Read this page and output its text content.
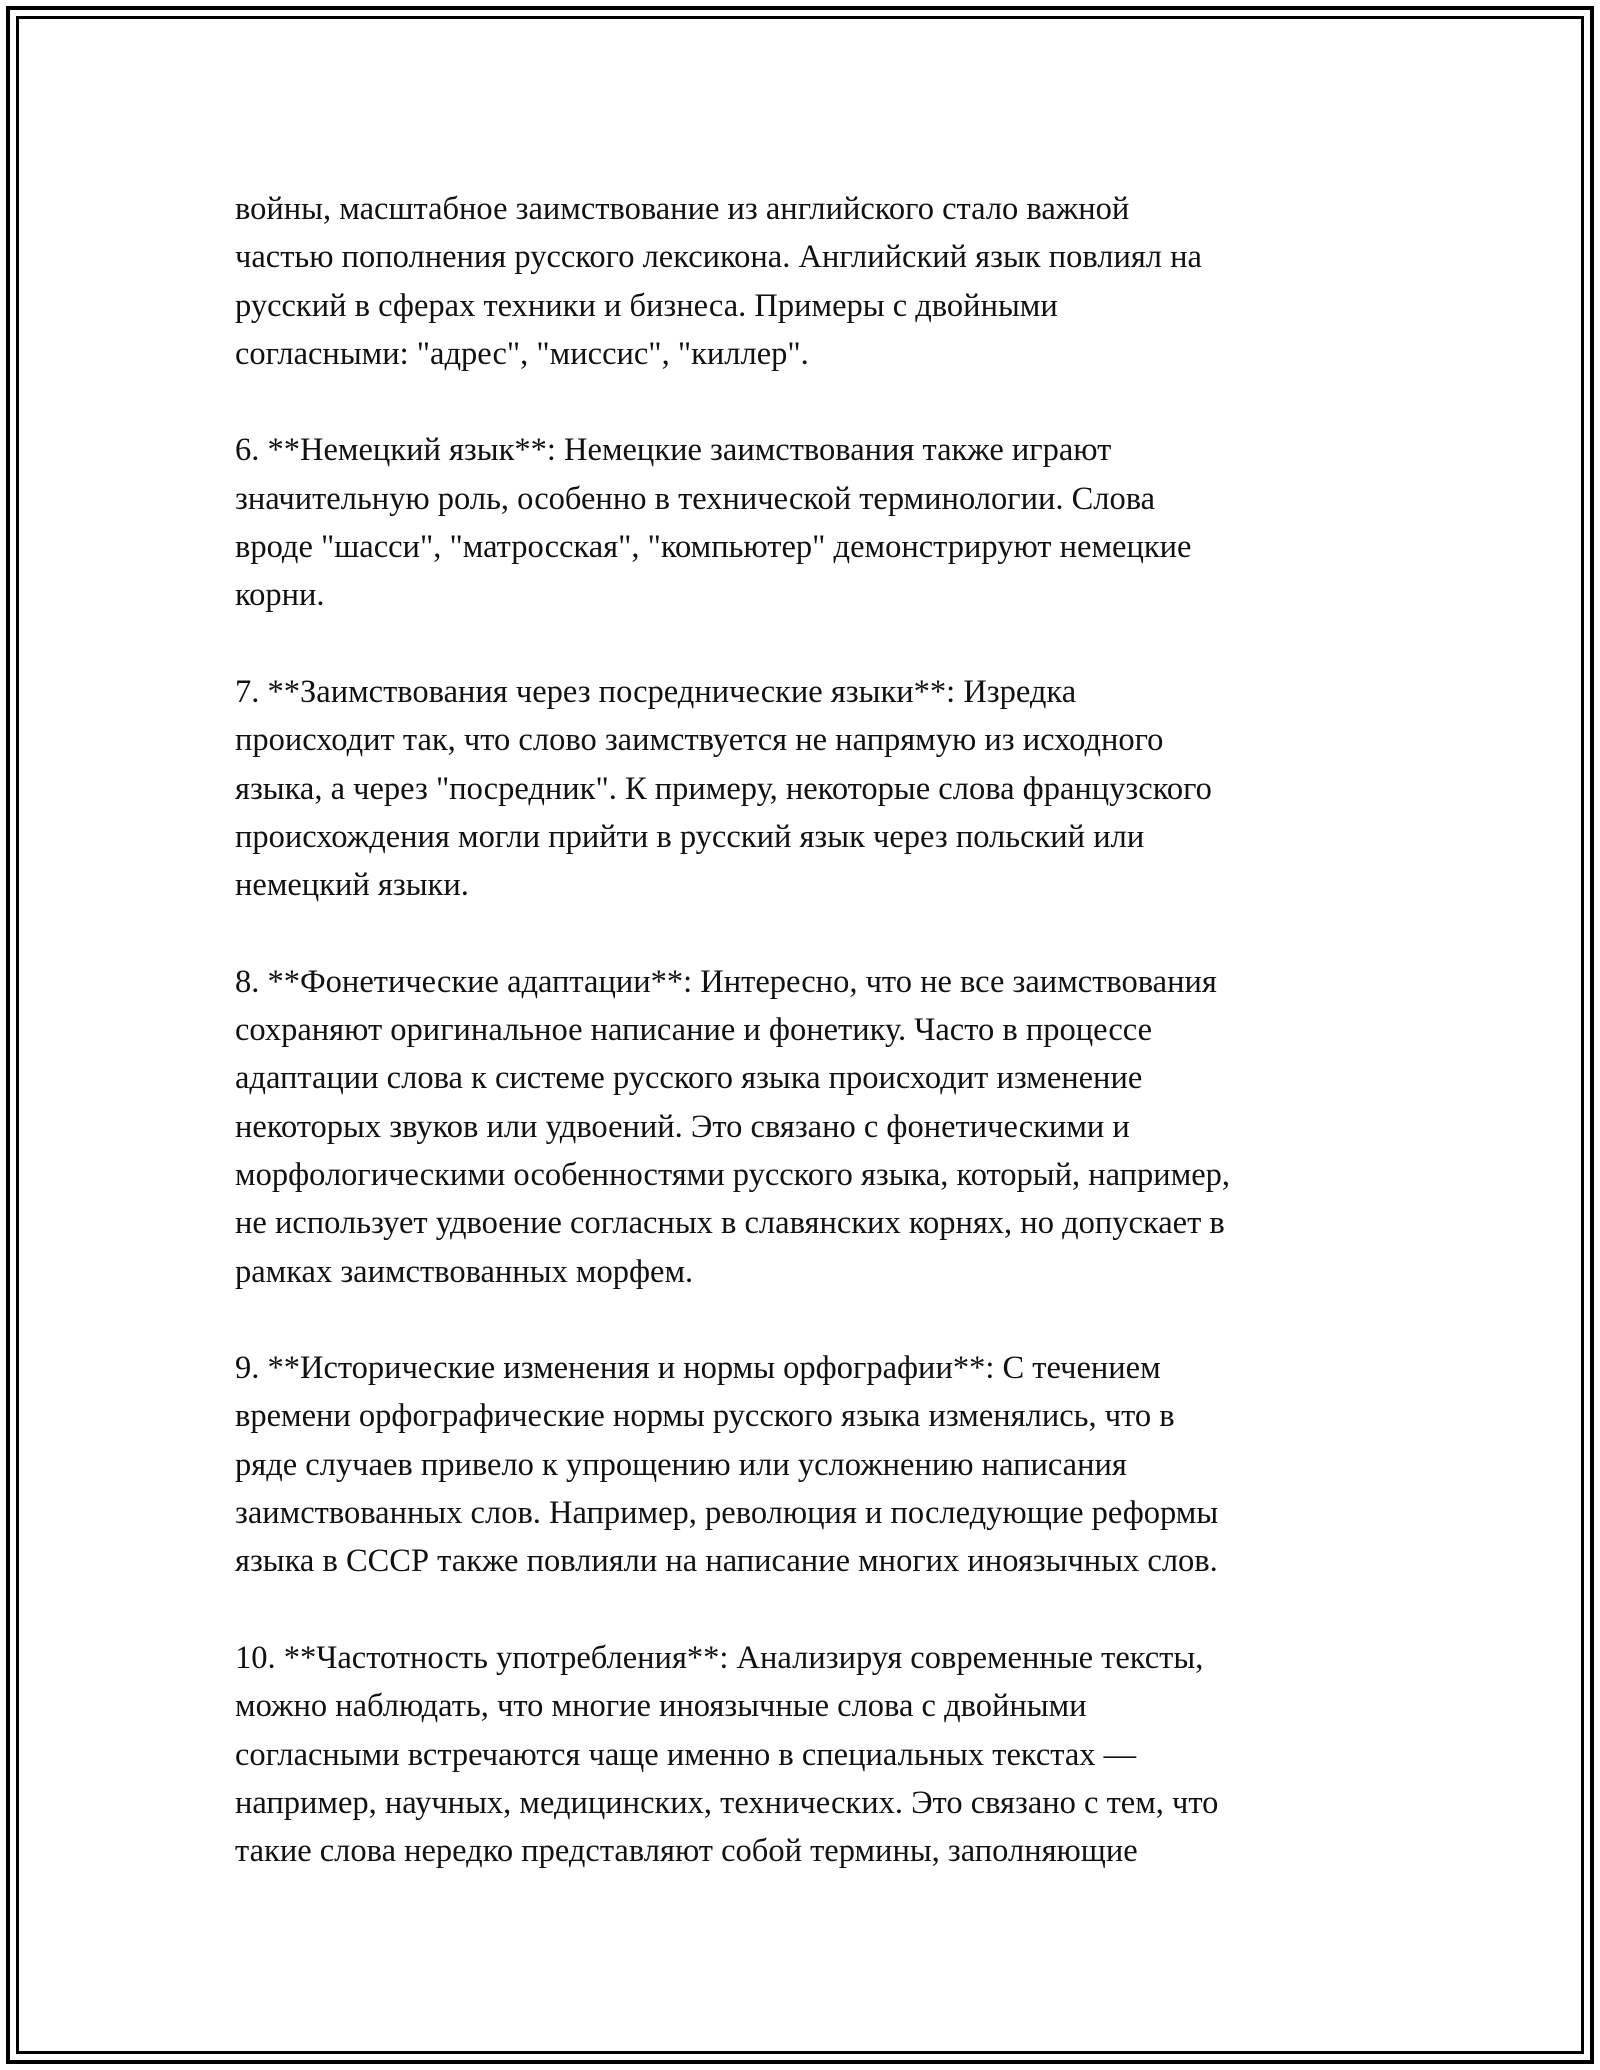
войны, масштабное заимствование из английского стало важной
частью пополнения русского лексикона. Английский язык повлиял на
русский в сферах техники и бизнеса. Примеры с двойными
согласными: "адрес", "миссис", "киллер".

6. **Немецкий язык**: Немецкие заимствования также играют
значительную роль, особенно в технической терминологии. Слова
вроде "шасси", "матросская", "компьютер" демонстрируют немецкие
корни.

7. **Заимствования через посреднические языки**: Изредка
происходит так, что слово заимствуется не напрямую из исходного
языка, а через "посредник". К примеру, некоторые слова французского
происхождения могли прийти в русский язык через польский или
немецкий языки.

8. **Фонетические адаптации**: Интересно, что не все заимствования
сохраняют оригинальное написание и фонетику. Часто в процессе
адаптации слова к системе русского языка происходит изменение
некоторых звуков или удвоений. Это связано с фонетическими и
морфологическими особенностями русского языка, который, например,
не использует удвоение согласных в славянских корнях, но допускает в
рамках заимствованных морфем.

9. **Исторические изменения и нормы орфографии**: С течением
времени орфографические нормы русского языка изменялись, что в
ряде случаев привело к упрощению или усложнению написания
заимствованных слов. Например, революция и последующие реформы
языка в СССР также повлияли на написание многих иноязычных слов.

10. **Частотность употребления**: Анализируя современные тексты,
можно наблюдать, что многие иноязычные слова с двойными
согласными встречаются чаще именно в специальных текстах —
например, научных, медицинских, технических. Это связано с тем, что
такие слова нередко представляют собой термины, заполняющие
